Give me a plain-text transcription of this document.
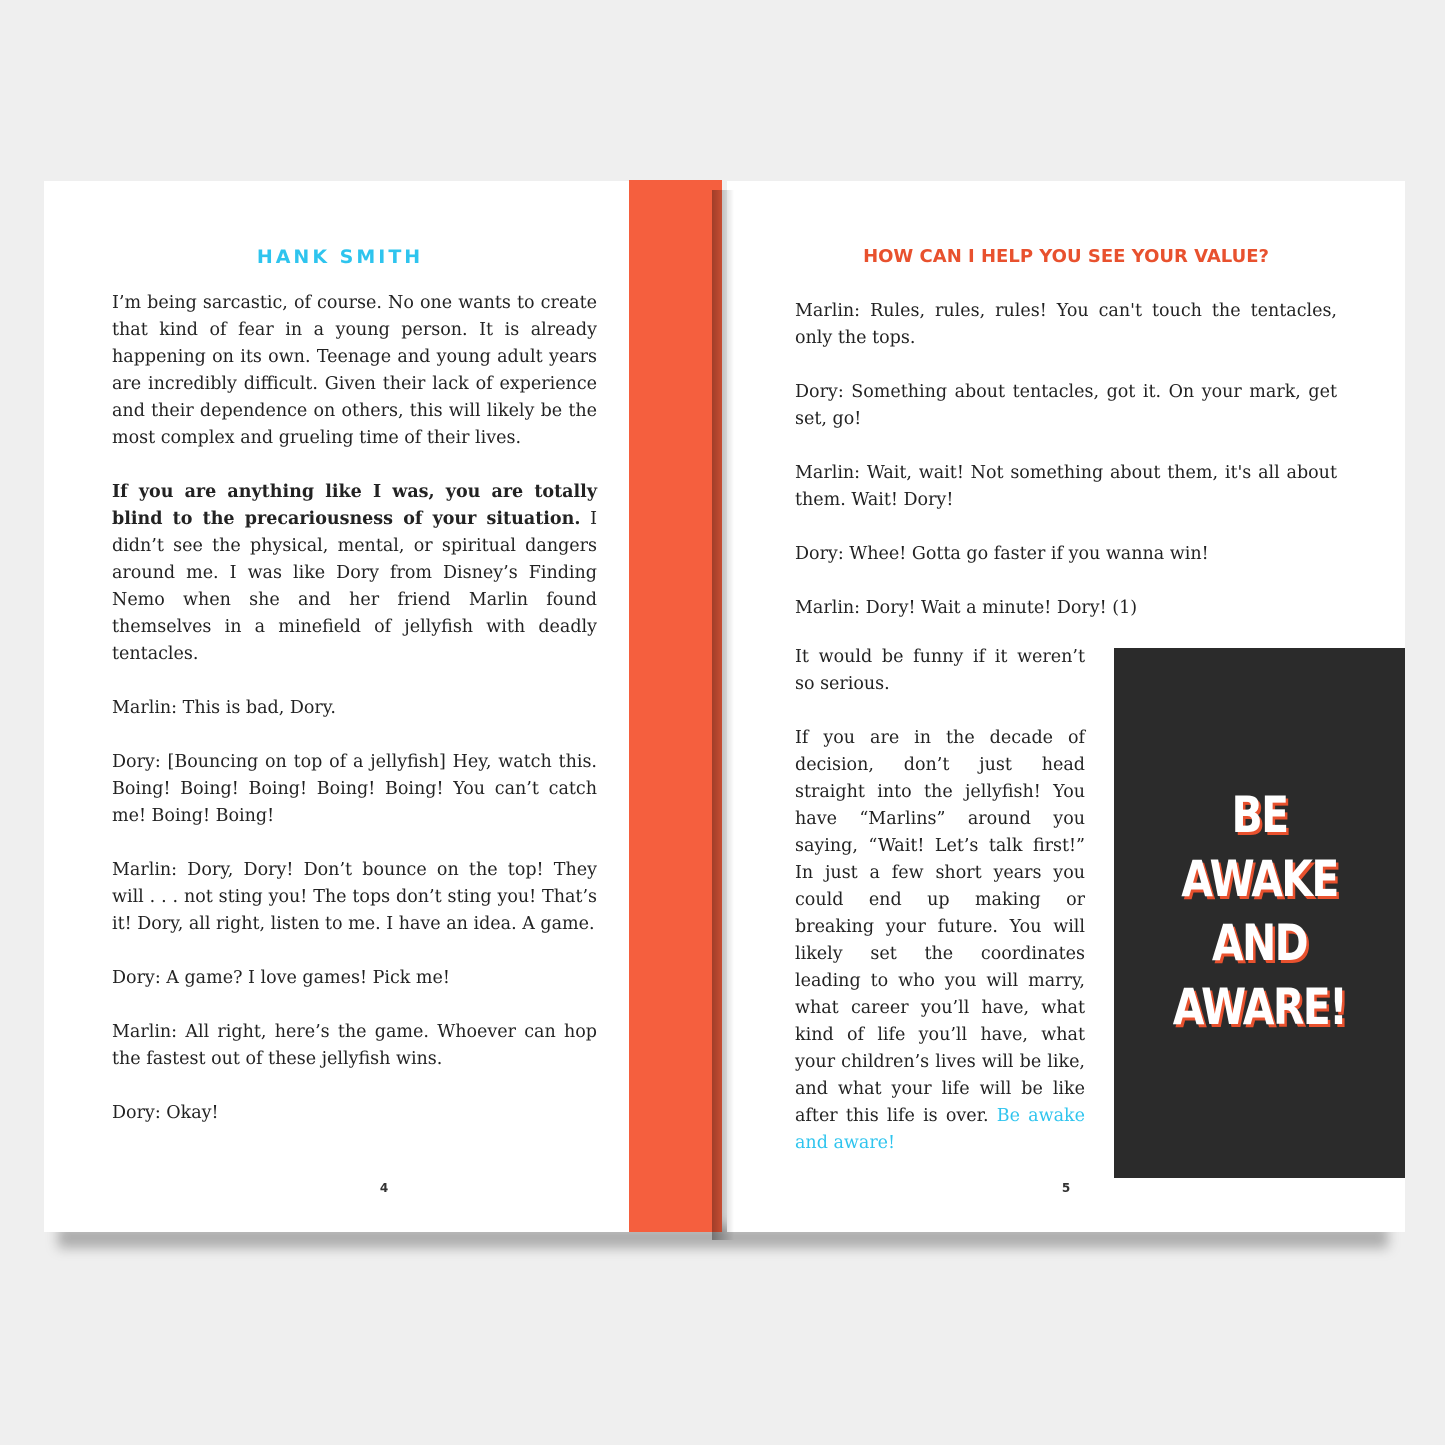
HANK SMITH	HOW CAN I HELP YOU SEE YOUR VALUE?

I’m being sarcastic, of course. No one wants to create that kind of fear in a young person. It is already happening on its own. Teenage and young adult years are incredibly difficult. Given their lack of experience and their dependence on others, this will likely be the most complex and grueling time of their lives.

If you are anything like I was, you are totally blind to the precariousness of your situation. I didn’t see the physical, mental, or spiritual dangers around me. I was like Dory from Disney’s Finding Nemo when she and her friend Marlin found themselves in a minefield of jellyfish with deadly tentacles.

Marlin: This is bad, Dory.

Dory: [Bouncing on top of a jellyfish] Hey, watch this. Boing! Boing! Boing! Boing! Boing! You can’t catch me! Boing! Boing!

Marlin: Dory, Dory! Don’t bounce on the top! They will . . . not sting you! The tops don’t sting you! That’s it! Dory, all right, listen to me. I have an idea. A game.

Dory: A game? I love games! Pick me!

Marlin: All right, here’s the game. Whoever can hop the fastest out of these jellyfish wins.

Dory: Okay!

Marlin: Rules, rules, rules! You can't touch the tentacles, only the tops.

Dory: Something about tentacles, got it. On your mark, get set, go!

Marlin: Wait, wait! Not something about them, it's all about them. Wait! Dory!

Dory: Whee! Gotta go faster if you wanna win!

Marlin: Dory! Wait a minute! Dory! (1)

It would be funny if it weren’t so serious.

If you are in the decade of decision, don’t just head straight into the jellyfish! You have “Marlins” around you saying, “Wait! Let’s talk first!” In just a few short years you could end up making or breaking your future. You will likely set the coordinates leading to who you will marry, what career you’ll have, what kind of life you’ll have, what your children’s lives will be like, and what your life will be like after this life is over. Be awake and aware!

BE
AWAKE
AND
AWARE!
4	5
